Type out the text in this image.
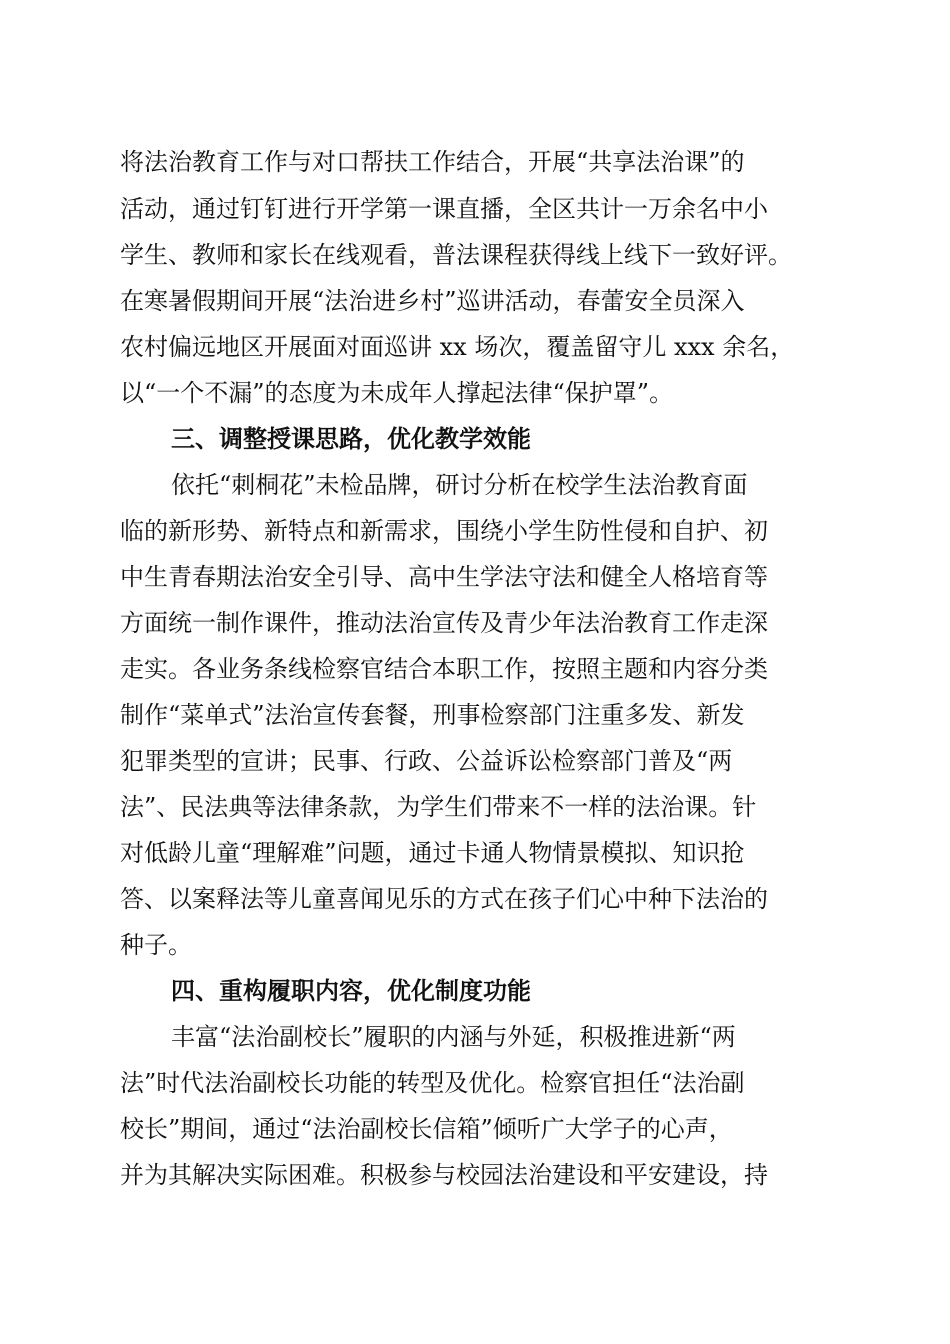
将法治教育工作与对口帮扶工作结合，开展“共享法治课”的
活动，通过钉钉进行开学第一课直播，全区共计一万余名中小
学生、教师和家长在线观看，普法课程获得线上线下一致好评。
在寒暑假期间开展“法治进乡村”巡讲活动，春蕾安全员深入
农村偏远地区开展面对面巡讲 xx 场次，覆盖留守儿 xxx 余名，
以“一个不漏”的态度为未成年人撑起法律“保护罩”。
三、调整授课思路，优化教学效能
依托“刺桐花”未检品牌，研讨分析在校学生法治教育面
临的新形势、新特点和新需求，围绕小学生防性侵和自护、初
中生青春期法治安全引导、高中生学法守法和健全人格培育等
方面统一制作课件，推动法治宣传及青少年法治教育工作走深
走实。各业务条线检察官结合本职工作，按照主题和内容分类
制作“菜单式”法治宣传套餐，刑事检察部门注重多发、新发
犯罪类型的宣讲；民事、行政、公益诉讼检察部门普及“两
法”、民法典等法律条款，为学生们带来不一样的法治课。针
对低龄儿童“理解难”问题，通过卡通人物情景模拟、知识抢
答、以案释法等儿童喜闻见乐的方式在孩子们心中种下法治的
种子。
四、重构履职内容，优化制度功能
丰富“法治副校长”履职的内涵与外延，积极推进新“两
法”时代法治副校长功能的转型及优化。检察官担任“法治副
校长”期间，通过“法治副校长信箱”倾听广大学子的心声，
并为其解决实际困难。积极参与校园法治建设和平安建设，持
